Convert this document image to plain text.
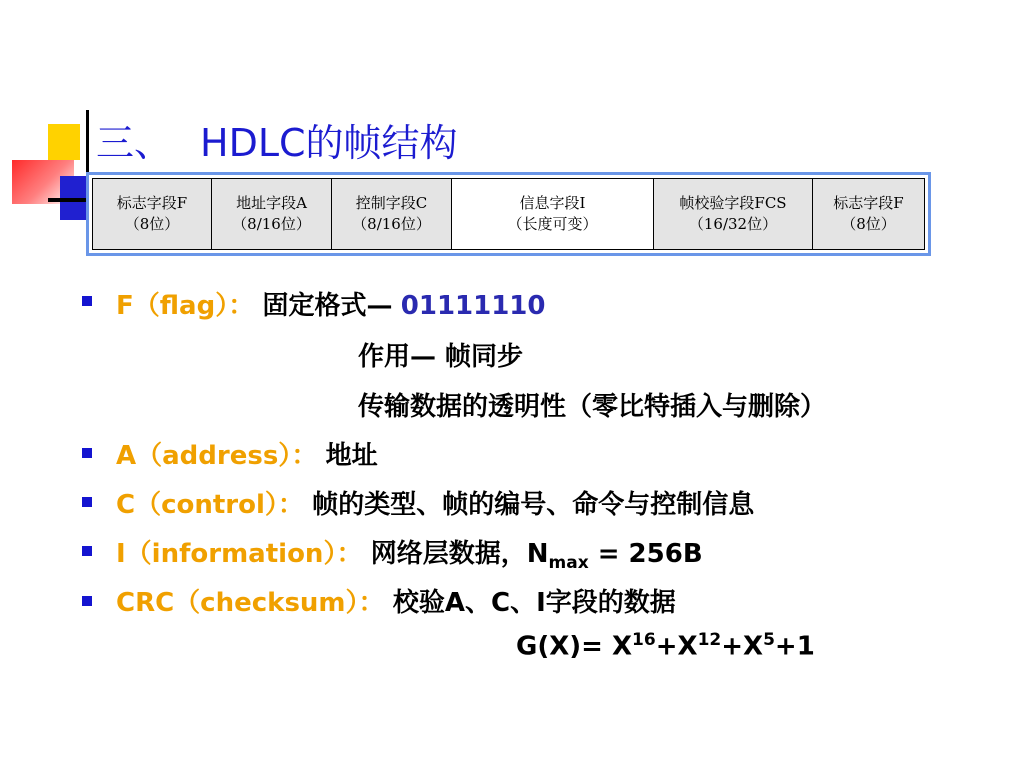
三、 HDLC的帧结构
标志字段F
（8位）
地址字段A
（8/16位）
控制字段C
（8/16位）
信息字段I
（长度可变）
帧校验字段FCS
（16/32位）
标志字段F
（8位）
F（flag）： 固定格式— 01111110
作用— 帧同步
传输数据的透明性（零比特插入与删除）
A（address）： 地址
C（control）： 帧的类型、帧的编号、命令与控制信息
I（information）： 网络层数据，$N_{max} = 256B$
CRC（checksum）： 校验A、C、I字段的数据
$G(X)= X^{16}+X^{12}+X^5+1$
